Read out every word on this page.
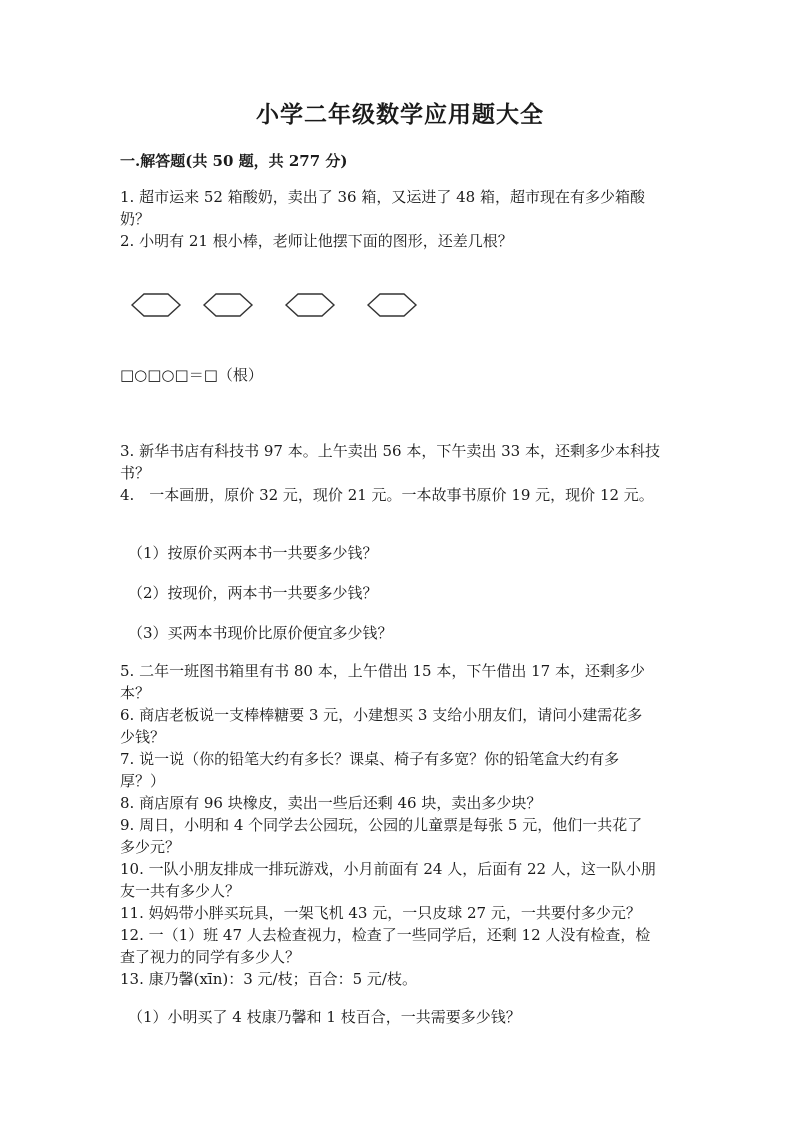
小学二年级数学应用题大全
一.解答题(共 50 题，共 277 分)
1. 超市运来 52 箱酸奶，卖出了 36 箱，又运进了 48 箱，超市现在有多少箱酸
奶？
2. 小明有 21 根小棒，老师让他摆下面的图形，还差几根？
□○□○□＝□（根）
3. 新华书店有科技书 97 本。上午卖出 56 本，下午卖出 33 本，还剩多少本科技
书？
4.　一本画册，原价 32 元，现价 21 元。一本故事书原价 19 元，现价 12 元。
（1）按原价买两本书一共要多少钱？
（2）按现价，两本书一共要多少钱？
（3）买两本书现价比原价便宜多少钱？
5. 二年一班图书箱里有书 80 本，上午借出 15 本，下午借出 17 本，还剩多少
本？
6. 商店老板说一支棒棒糖要 3 元，小建想买 3 支给小朋友们，请问小建需花多
少钱？
7. 说一说（你的铅笔大约有多长？课桌、椅子有多宽？你的铅笔盒大约有多
厚？）
8. 商店原有 96 块橡皮，卖出一些后还剩 46 块，卖出多少块？
9. 周日，小明和 4 个同学去公园玩，公园的儿童票是每张 5 元，他们一共花了
多少元？
10. 一队小朋友排成一排玩游戏，小月前面有 24 人，后面有 22 人，这一队小朋
友一共有多少人？
11. 妈妈带小胖买玩具，一架飞机 43 元，一只皮球 27 元，一共要付多少元？
12. 一（1）班 47 人去检查视力，检查了一些同学后，还剩 12 人没有检查，检
查了视力的同学有多少人？
13. 康乃馨(xīn)：3 元/枝；百合：5 元/枝。
（1）小明买了 4 枝康乃馨和 1 枝百合，一共需要多少钱？
